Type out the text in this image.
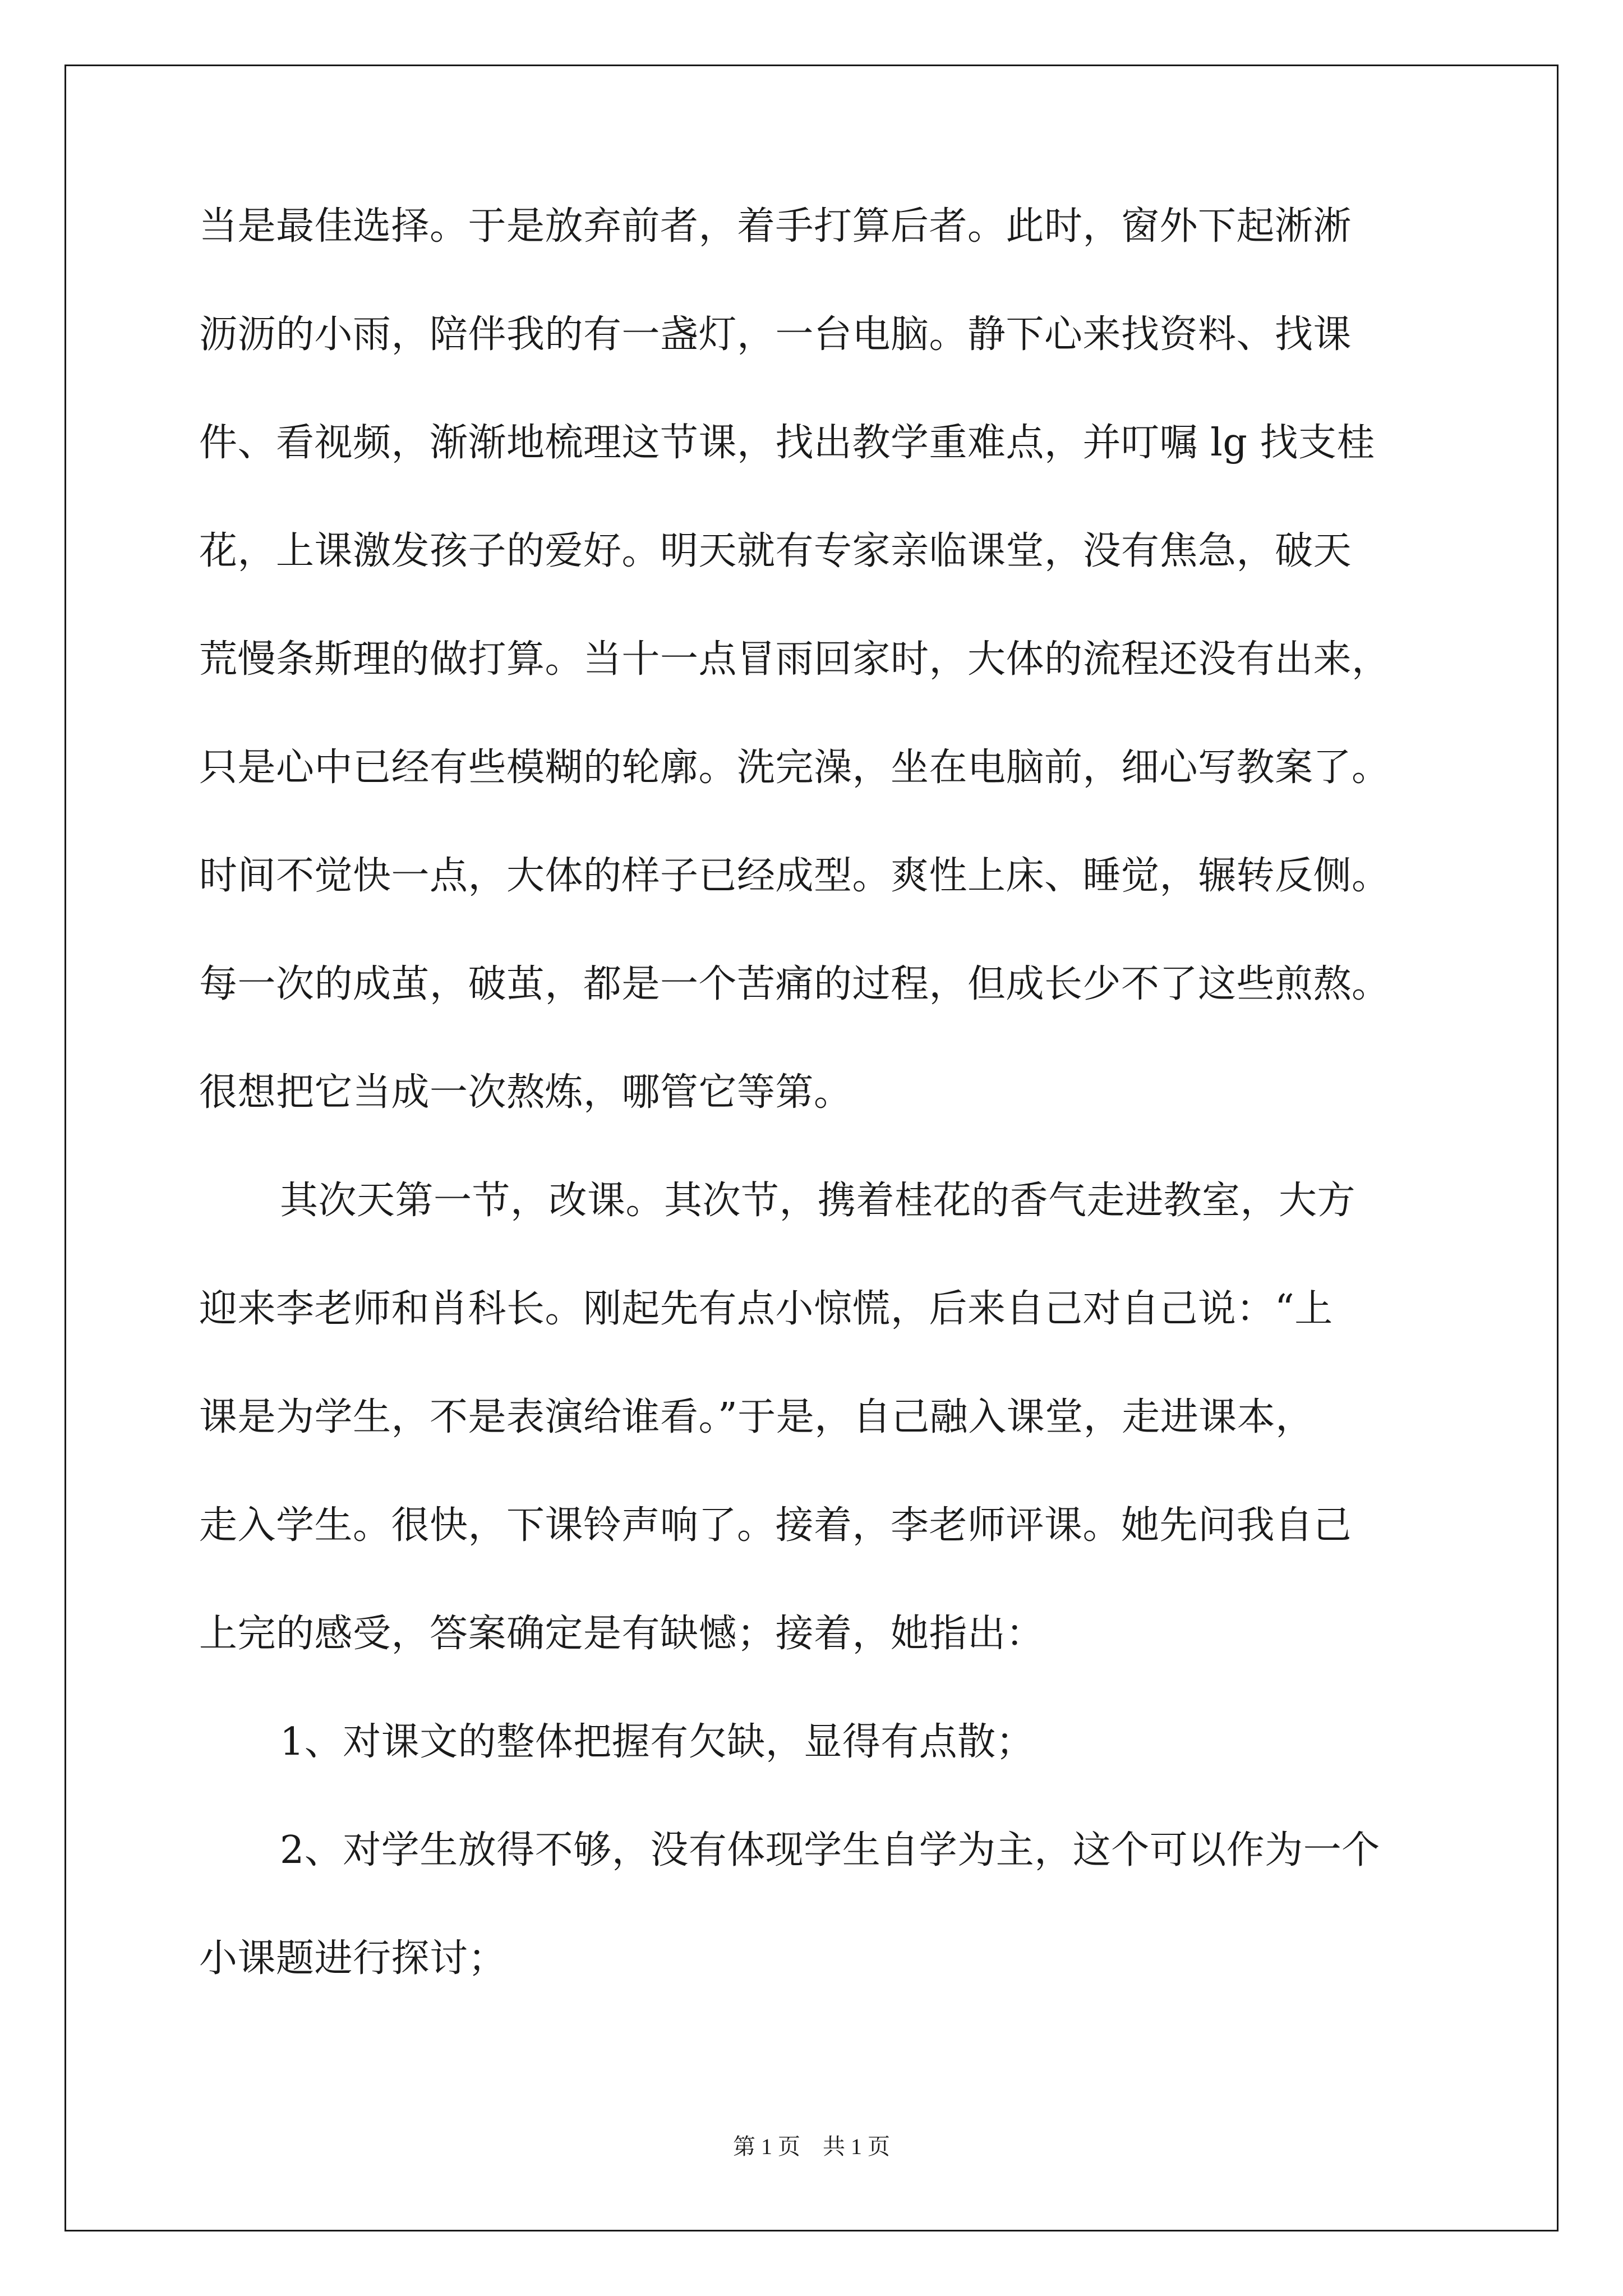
当是最佳选择。于是放弃前者，着手打算后者。此时，窗外下起淅淅
沥沥的小雨，陪伴我的有一盏灯，一台电脑。静下心来找资料、找课
件、看视频，渐渐地梳理这节课，找出教学重难点，并叮嘱 lg 找支桂
花，上课激发孩子的爱好。明天就有专家亲临课堂，没有焦急，破天
荒慢条斯理的做打算。当十一点冒雨回家时，大体的流程还没有出来，
只是心中已经有些模糊的轮廓。洗完澡，坐在电脑前，细心写教案了。
时间不觉快一点，大体的样子已经成型。爽性上床、睡觉，辗转反侧。
每一次的成茧，破茧，都是一个苦痛的过程，但成长少不了这些煎熬。
很想把它当成一次熬炼，哪管它等第。
其次天第一节，改课。其次节，携着桂花的香气走进教室，大方
迎来李老师和肖科长。刚起先有点小惊慌，后来自己对自己说：“上
课是为学生，不是表演给谁看。”于是，自己融入课堂，走进课本，
走入学生。很快，下课铃声响了。接着，李老师评课。她先问我自己
上完的感受，答案确定是有缺憾；接着，她指出：
1、对课文的整体把握有欠缺，显得有点散；
2、对学生放得不够，没有体现学生自学为主，这个可以作为一个
小课题进行探讨；
第 1 页　共 1 页
